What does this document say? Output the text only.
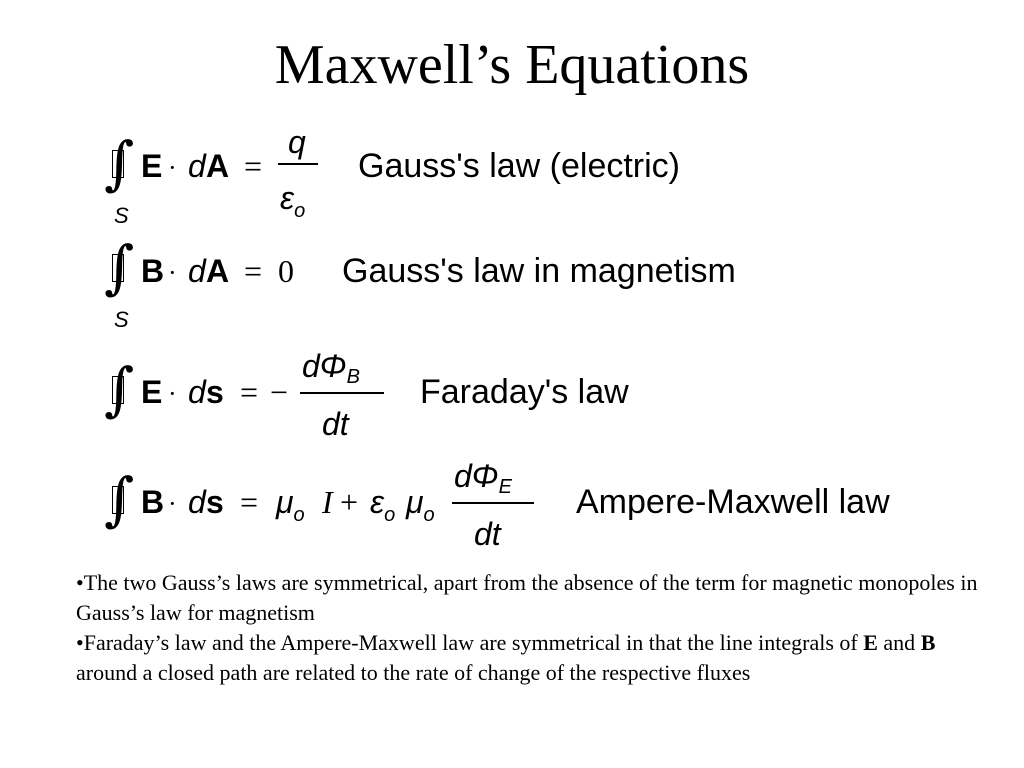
Maxwell’s Equations
∫
S
E · d A =
q
$\varepsilon_o$
Gauss's law (electric)
∫
S
B · d A = 0 Gauss's law in magnetism
∫ E · d s = −
dΦB
dt
Faraday's law
∫ B · d $s = \mu_o$ $I + \varepsilon_o$ $\mu_o$
dΦE
dt
Ampere-Maxwell law

•The two Gauss’s laws are symmetrical, apart from the absence of the term for magnetic monopoles in Gauss’s law for magnetism

•Faraday’s law and the Ampere-Maxwell law are symmetrical in that the line integrals of E and B around a closed path are related to the rate of change of the respective fluxes
